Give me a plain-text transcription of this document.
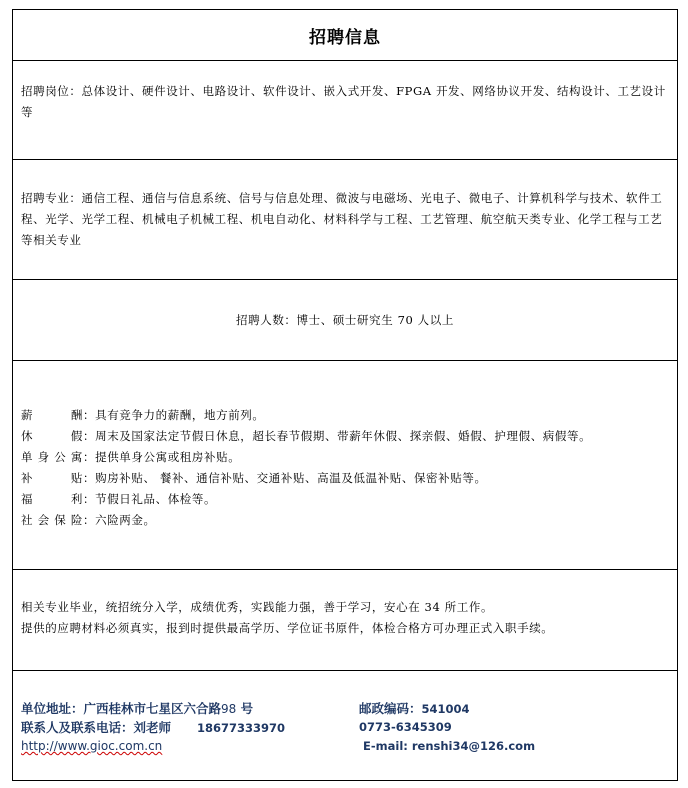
招聘信息
招聘岗位：总体设计、硬件设计、电路设计、软件设计、嵌入式开发、FPGA 开发、网络协议开发、结构设计、工艺设计等
招聘专业：通信工程、通信与信息系统、信号与信息处理、微波与电磁场、光电子、微电子、计算机科学与技术、软件工程、光学、光学工程、机械电子机械工程、机电自动化、材料科学与工程、工艺管理、航空航天类专业、化学工程与工艺等相关专业
招聘人数：博士、硕士研究生 70 人以上
薪	酬 ：具有竞争力的薪酬，地方前列。
休	假 ：周末及国家法定节假日休息，超长春节假期、带薪年休假、探亲假、婚假、护理假、病假等。
单 身 公 寓 ：提供单身公寓或租房补贴。
补	贴 ：购房补贴、 餐补、通信补贴、交通补贴、高温及低温补贴、保密补贴等。
福	利 ：节假日礼品、体检等。
社 会 保 险 ：六险两金。
相关专业毕业，统招统分入学，成绩优秀，实践能力强，善于学习，安心在 34 所工作。
提供的应聘材料必须真实，报到时提供最高学历、学位证书原件，体检合格方可办理正式入职手续。
单位地址：广西桂林市七星区六合路98 号	邮政编码：541004
联系人及联系电话：刘老师 18677333970	0773-6345309
http://www.gioc.com.cn	E-mail: renshi34@126.com
